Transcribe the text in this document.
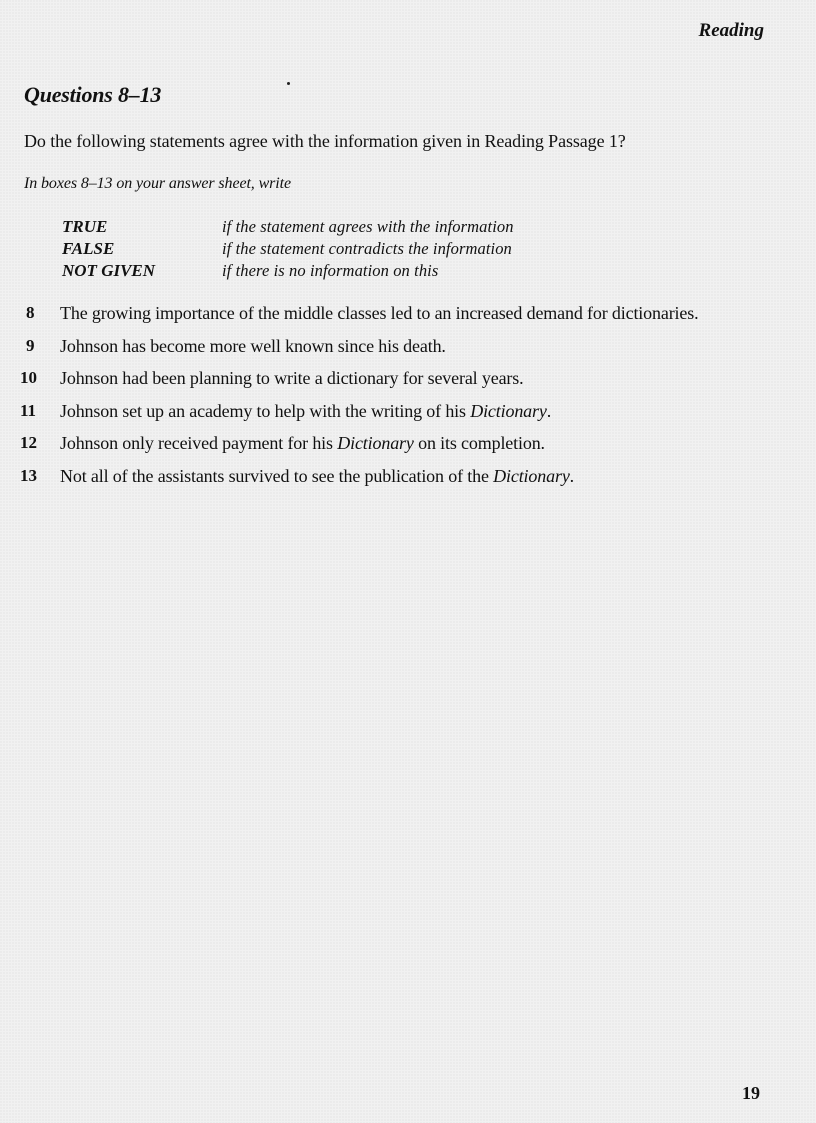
Reading
Questions 8–13
Do the following statements agree with the information given in Reading Passage 1?
In boxes 8–13 on your answer sheet, write
TRUE	if the statement agrees with the information
FALSE	if the statement contradicts the information
NOT GIVEN	if there is no information on this
8	The growing importance of the middle classes led to an increased demand for dictionaries.
9	Johnson has become more well known since his death.
10	Johnson had been planning to write a dictionary for several years.
11	Johnson set up an academy to help with the writing of his Dictionary.
12	Johnson only received payment for his Dictionary on its completion.
13	Not all of the assistants survived to see the publication of the Dictionary.
19
